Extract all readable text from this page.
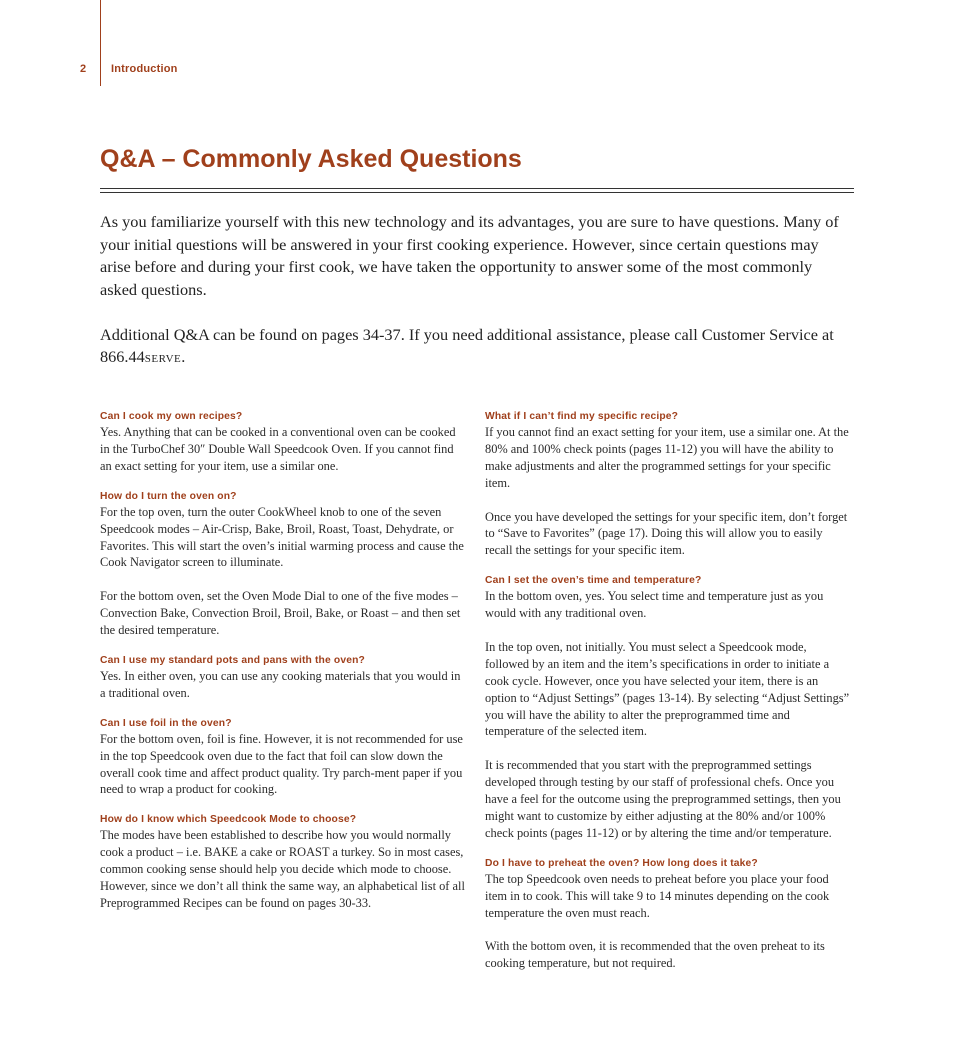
2 Introduction
Q&A – Commonly Asked Questions

As you familiarize yourself with this new technology and its advantages, you are sure to have questions. Many of your initial questions will be answered in your first cooking experience. However, since certain questions may arise before and during your first cook, we have taken the opportunity to answer some of the most commonly asked questions.

Additional Q&A can be found on pages 34-37. If you need additional assistance, please call Customer Service at 866.44serve.

Can I cook my own recipes?

Yes. Anything that can be cooked in a conventional oven can be cooked in the TurboChef 30″ Double Wall Speedcook Oven. If you cannot find an exact setting for your item, use a similar one.

How do I turn the oven on?

For the top oven, turn the outer CookWheel knob to one of the seven Speedcook modes – Air-Crisp, Bake, Broil, Roast, Toast, Dehydrate, or Favorites. This will start the oven’s initial warming process and cause the Cook Navigator screen to illuminate.

For the bottom oven, set the Oven Mode Dial to one of the five modes – Convection Bake, Convection Broil, Broil, Bake, or Roast – and then set the desired temperature.

Can I use my standard pots and pans with the oven?

Yes. In either oven, you can use any cooking materials that you would in a traditional oven.

Can I use foil in the oven?

For the bottom oven, foil is fine. However, it is not recommended for use in the top Speedcook oven due to the fact that foil can slow down the overall cook time and affect product quality. Try parch-ment paper if you need to wrap a product for cooking.

How do I know which Speedcook Mode to choose?

The modes have been established to describe how you would normally cook a product – i.e. BAKE a cake or ROAST a turkey. So in most cases, common cooking sense should help you decide which mode to choose. However, since we don’t all think the same way, an alphabetical list of all Preprogrammed Recipes can be found on pages 30-33.

What if I can’t find my specific recipe?

If you cannot find an exact setting for your item, use a similar one. At the 80% and 100% check points (pages 11-12) you will have the ability to make adjustments and alter the programmed settings for your specific item.

Once you have developed the settings for your specific item, don’t forget to “Save to Favorites” (page 17). Doing this will allow you to easily recall the settings for your specific item.

Can I set the oven’s time and temperature?

In the bottom oven, yes. You select time and temperature just as you would with any traditional oven.

In the top oven, not initially. You must select a Speedcook mode, followed by an item and the item’s specifications in order to initiate a cook cycle. However, once you have selected your item, there is an option to “Adjust Settings” (pages 13-14). By selecting “Adjust Settings” you will have the ability to alter the preprogrammed time and temperature of the selected item.

It is recommended that you start with the preprogrammed settings developed through testing by our staff of professional chefs. Once you have a feel for the outcome using the preprogrammed settings, then you might want to customize by either adjusting at the 80% and/or 100% check points (pages 11-12) or by altering the time and/or temperature.

Do I have to preheat the oven? How long does it take?

The top Speedcook oven needs to preheat before you place your food item in to cook. This will take 9 to 14 minutes depending on the cook temperature the oven must reach.

With the bottom oven, it is recommended that the oven preheat to its cooking temperature, but not required.
